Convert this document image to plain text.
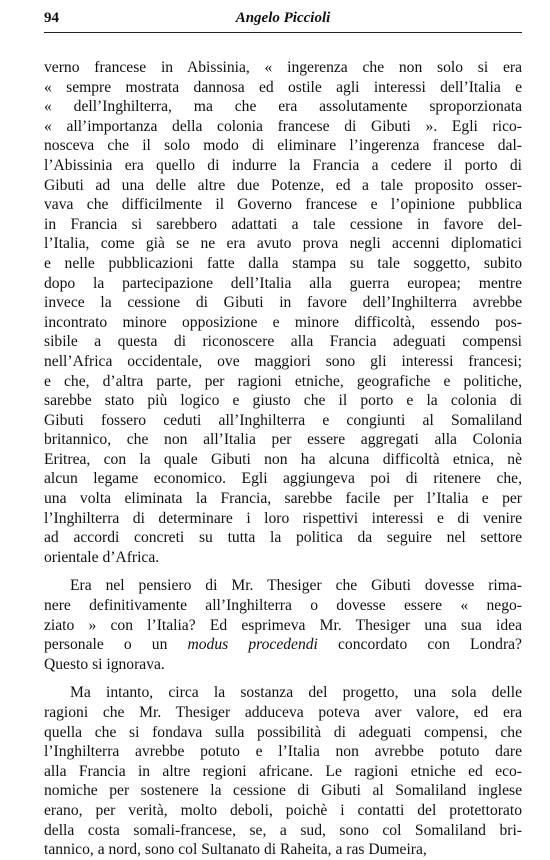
94	Angelo Piccioli
verno francese in Abissinia, « ingerenza che non solo si era
« sempre mostrata dannosa ed ostile agli interessi dell’Italia e
« dell’Inghilterra, ma che era assolutamente sproporzionata
« all’importanza della colonia francese di Gibuti ». Egli rico-
nosceva che il solo modo di eliminare l’ingerenza francese dal-
l’Abissinia era quello di indurre la Francia a cedere il porto di
Gibuti ad una delle altre due Potenze, ed a tale proposito osser-
vava che difficilmente il Governo francese e l’opinione pubblica
in Francia si sarebbero adattati a tale cessione in favore del-
l’Italia, come già se ne era avuto prova negli accenni diplomatici
e nelle pubblicazioni fatte dalla stampa su tale soggetto, subito
dopo la partecipazione dell’Italia alla guerra europea; mentre
invece la cessione di Gibuti in favore dell’Inghilterra avrebbe
incontrato minore opposizione e minore difficoltà, essendo pos-
sibile a questa di riconoscere alla Francia adeguati compensi
nell’Africa occidentale, ove maggiori sono gli interessi francesi;
e che, d’altra parte, per ragioni etniche, geografiche e politiche,
sarebbe stato più logico e giusto che il porto e la colonia di
Gibuti fossero ceduti all’Inghilterra e congiunti al Somaliland
britannico, che non all’Italia per essere aggregati alla Colonia
Eritrea, con la quale Gibuti non ha alcuna difficoltà etnica, nè
alcun legame economico. Egli aggiungeva poi di ritenere che,
una volta eliminata la Francia, sarebbe facile per l’Italia e per
l’Inghilterra di determinare i loro rispettivi interessi e di venire
ad accordi concreti su tutta la politica da seguire nel settore
orientale d’Africa.
Era nel pensiero di Mr. Thesiger che Gibuti dovesse rima-
nere definitivamente all’Inghilterra o dovesse essere « nego-
ziato » con l’Italia? Ed esprimeva Mr. Thesiger una sua idea
personale o un modus procedendi concordato con Londra?
Questo si ignorava.
Ma intanto, circa la sostanza del progetto, una sola delle
ragioni che Mr. Thesiger adduceva poteva aver valore, ed era
quella che si fondava sulla possibilità di adeguati compensi, che
l’Inghilterra avrebbe potuto e l’Italia non avrebbe potuto dare
alla Francia in altre regioni africane. Le ragioni etniche ed eco-
nomiche per sostenere la cessione di Gibuti al Somaliland inglese
erano, per verità, molto deboli, poichè i contatti del protettorato
della costa somali-francese, se, a sud, sono col Somaliland bri-
tannico, a nord, sono col Sultanato di Raheita, a ras Dumeira,
